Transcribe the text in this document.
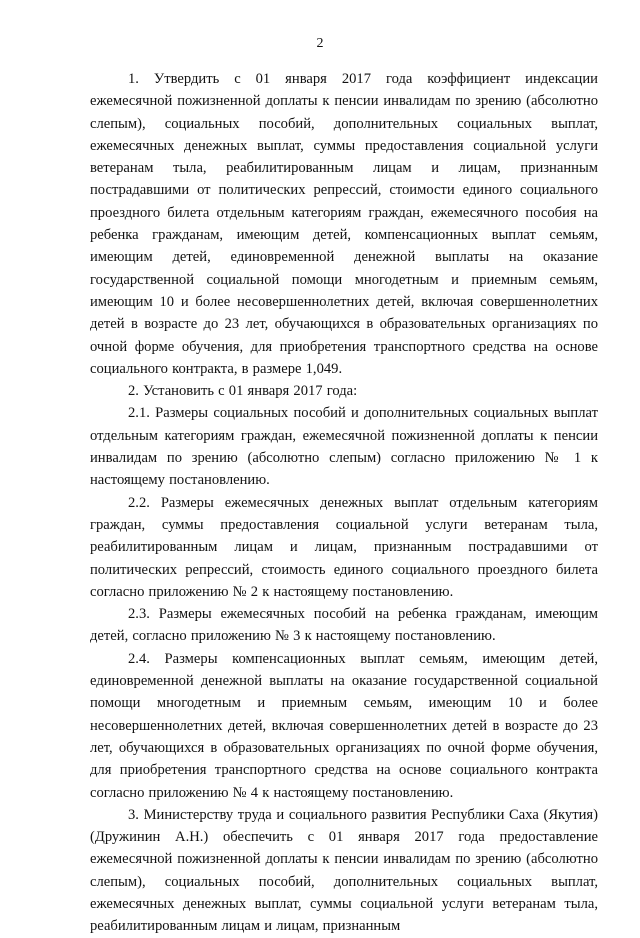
2

1. Утвердить с 01 января 2017 года коэффициент индексации ежемесячной пожизненной доплаты к пенсии инвалидам по зрению (абсолютно слепым), социальных пособий, дополнительных социальных выплат, ежемесячных денежных выплат, суммы предоставления социальной услуги ветеранам тыла, реабилитированным лицам и лицам, признанным пострадавшими от политических репрессий, стоимости единого социального проездного билета отдельным категориям граждан, ежемесячного пособия на ребенка гражданам, имеющим детей, компенсационных выплат семьям, имеющим детей, единовременной денежной выплаты на оказание государственной социальной помощи многодетным и приемным семьям, имеющим 10 и более несовершеннолетних детей, включая совершеннолетних детей в возрасте до 23 лет, обучающихся в образовательных организациях по очной форме обучения, для приобретения транспортного средства на основе социального контракта, в размере 1,049.

2. Установить с 01 января 2017 года:

2.1. Размеры социальных пособий и дополнительных социальных выплат отдельным категориям граждан, ежемесячной пожизненной доплаты к пенсии инвалидам по зрению (абсолютно слепым) согласно приложению № 1 к настоящему постановлению.

2.2. Размеры ежемесячных денежных выплат отдельным категориям граждан, суммы предоставления социальной услуги ветеранам тыла, реабилитированным лицам и лицам, признанным пострадавшими от политических репрессий, стоимость единого социального проездного билета согласно приложению № 2 к настоящему постановлению.

2.3. Размеры ежемесячных пособий на ребенка гражданам, имеющим детей, согласно приложению № 3 к настоящему постановлению.

2.4. Размеры компенсационных выплат семьям, имеющим детей, единовременной денежной выплаты на оказание государственной социальной помощи многодетным и приемным семьям, имеющим 10 и более несовершеннолетних детей, включая совершеннолетних детей в возрасте до 23 лет, обучающихся в образовательных организациях по очной форме обучения, для приобретения транспортного средства на основе социального контракта согласно приложению № 4 к настоящему постановлению.

3. Министерству труда и социального развития Республики Саха (Якутия) (Дружинин А.Н.) обеспечить с 01 января 2017 года предоставление ежемесячной пожизненной доплаты к пенсии инвалидам по зрению (абсолютно слепым), социальных пособий, дополнительных социальных выплат, ежемесячных денежных выплат, суммы социальной услуги ветеранам тыла, реабилитированным лицам и лицам, признанным
